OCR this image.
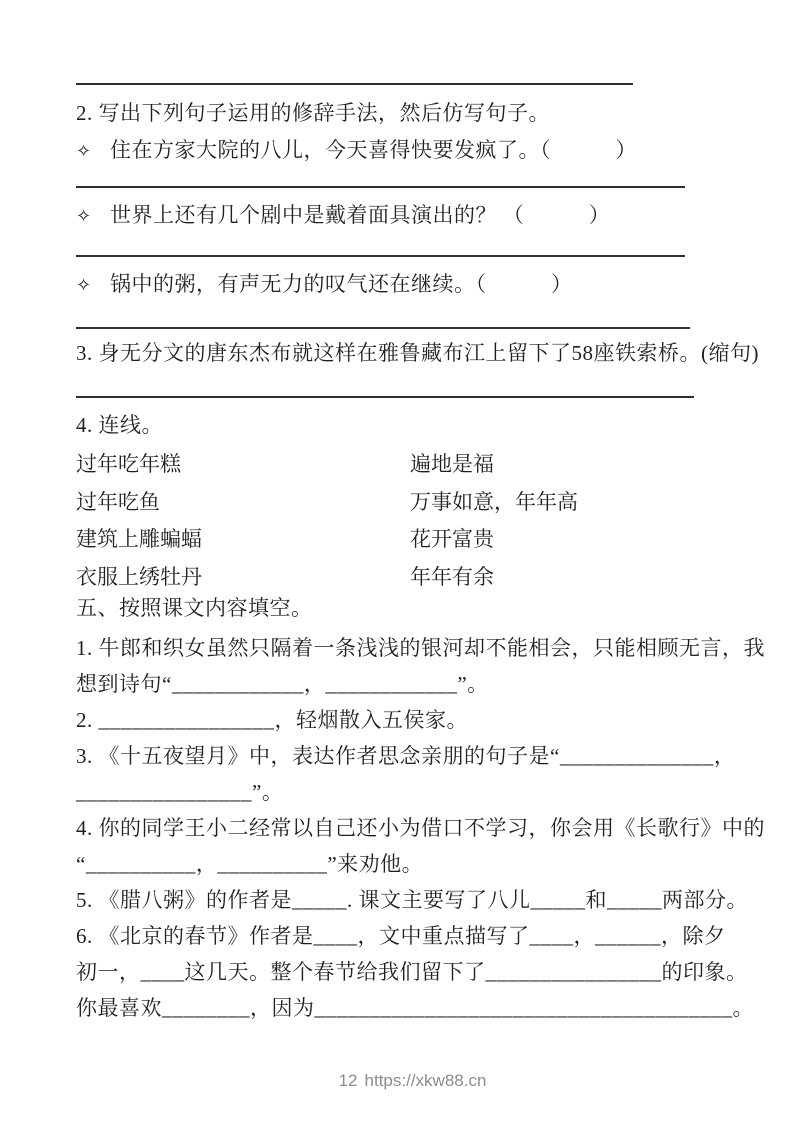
2. 写出下列句子运用的修辞手法，然后仿写句子。
✧ 住在方家大院的八儿，今天喜得快要发疯了。（　　　）
✧ 世界上还有几个剧中是戴着面具演出的？ （　　　）
✧ 锅中的粥，有声无力的叹气还在继续。（　　　）
3. 身无分文的唐东杰布就这样在雅鲁藏布江上留下了58座铁索桥。(缩句)
4. 连线。
过年吃年糕	遍地是福
过年吃鱼	万事如意，年年高
建筑上雕蝙蝠	花开富贵
衣服上绣牡丹	年年有余
五、按照课文内容填空。
1. 牛郎和织女虽然只隔着一条浅浅的银河却不能相会，只能相顾无言，我
想到诗句“____________，____________”。
2. ________________，轻烟散入五侯家。
3. 《十五夜望月》中，表达作者思念亲朋的句子是“______________，
________________”。
4. 你的同学王小二经常以自己还小为借口不学习，你会用《长歌行》中的
“__________，__________”来劝他。
5. 《腊八粥》的作者是_____. 课文主要写了八儿_____和_____两部分。
6. 《北京的春节》作者是____，文中重点描写了____，______，除夕
初一，____这几天。整个春节给我们留下了________________的印象。
你最喜欢________，因为______________________________________。
12 https://xkw88.cn
